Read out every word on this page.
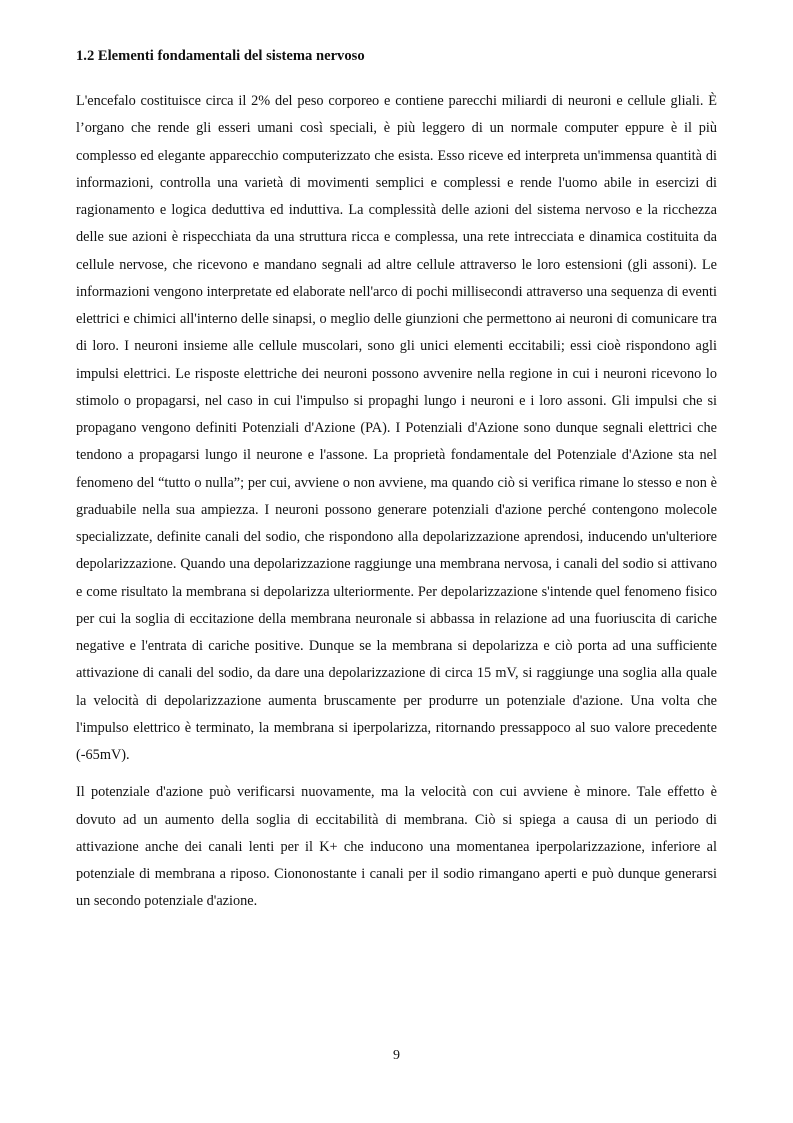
1.2 Elementi fondamentali del sistema nervoso

L'encefalo costituisce circa il 2% del peso corporeo e contiene parecchi miliardi di neuroni e cellule gliali. È l’organo che rende gli esseri umani così speciali, è più leggero di un normale computer eppure è il più complesso ed elegante apparecchio computerizzato che esista. Esso riceve ed interpreta un'immensa quantità di informazioni, controlla una varietà di movimenti semplici e complessi e rende l'uomo abile in esercizi di ragionamento e logica deduttiva ed induttiva. La complessità delle azioni del sistema nervoso e la ricchezza delle sue azioni è rispecchiata da una struttura ricca e complessa, una rete intrecciata e dinamica costituita da cellule nervose, che ricevono e mandano segnali ad altre cellule attraverso le loro estensioni (gli assoni). Le informazioni vengono interpretate ed elaborate nell'arco di pochi millisecondi attraverso una sequenza di eventi elettrici e chimici all'interno delle sinapsi, o meglio delle giunzioni che permettono ai neuroni di comunicare tra di loro. I neuroni insieme alle cellule muscolari, sono gli unici elementi eccitabili; essi cioè rispondono agli impulsi elettrici. Le risposte elettriche dei neuroni possono avvenire nella regione in cui i neuroni ricevono lo stimolo o propagarsi, nel caso in cui l'impulso si propaghi lungo i neuroni e i loro assoni. Gli impulsi che si propagano vengono definiti Potenziali d'Azione (PA). I Potenziali d'Azione sono dunque segnali elettrici che tendono a propagarsi lungo il neurone e l'assone. La proprietà fondamentale del Potenziale d'Azione sta nel fenomeno del “tutto o nulla”; per cui, avviene o non avviene, ma quando ciò si verifica rimane lo stesso e non è graduabile nella sua ampiezza. I neuroni possono generare potenziali d'azione perché contengono molecole specializzate, definite canali del sodio, che rispondono alla depolarizzazione aprendosi, inducendo un'ulteriore depolarizzazione. Quando una depolarizzazione raggiunge una membrana nervosa, i canali del sodio si attivano e come risultato la membrana si depolarizza ulteriormente. Per depolarizzazione s'intende quel fenomeno fisico per cui la soglia di eccitazione della membrana neuronale si abbassa in relazione ad una fuoriuscita di cariche negative e l'entrata di cariche positive. Dunque se la membrana si depolarizza e ciò porta ad una sufficiente attivazione di canali del sodio, da dare una depolarizzazione di circa 15 mV, si raggiunge una soglia alla quale la velocità di depolarizzazione aumenta bruscamente per produrre un potenziale d'azione. Una volta che l'impulso elettrico è terminato, la membrana si iperpolarizza, ritornando pressappoco al suo valore precedente (-65mV).

Il potenziale d'azione può verificarsi nuovamente, ma la velocità con cui avviene è minore. Tale effetto è dovuto ad un aumento della soglia di eccitabilità di membrana. Ciò si spiega a causa di un periodo di attivazione anche dei canali lenti per il K+ che inducono una momentanea iperpolarizzazione, inferiore al potenziale di membrana a riposo. Ciononostante i canali per il sodio rimangano aperti e può dunque generarsi un secondo potenziale d'azione.

9
